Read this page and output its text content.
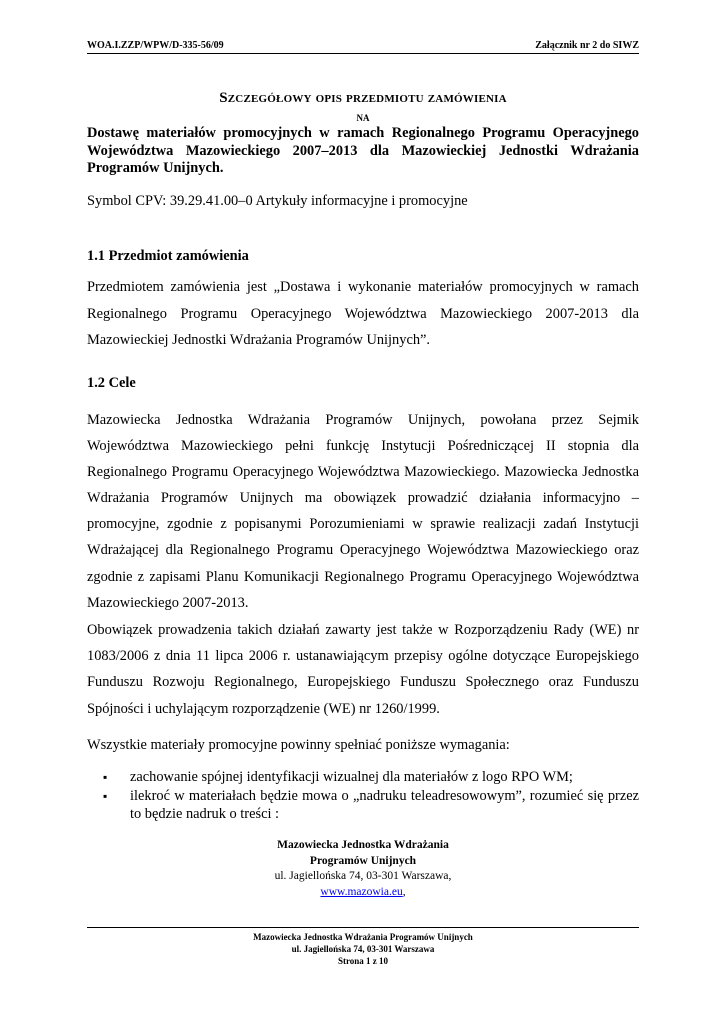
WOA.I.ZZP/WPW/D-335-56/09	Załącznik nr 2 do SIWZ
Szczegółowy opis przedmiotu zamówienia
NA
Dostawę materiałów promocyjnych w ramach Regionalnego Programu Operacyjnego Województwa Mazowieckiego 2007–2013 dla Mazowieckiej Jednostki Wdrażania Programów Unijnych.
Symbol CPV: 39.29.41.00–0 Artykuły informacyjne i promocyjne
1.1 Przedmiot zamówienia
Przedmiotem zamówienia jest „Dostawa i wykonanie materiałów promocyjnych w ramach Regionalnego Programu Operacyjnego Województwa Mazowieckiego 2007-2013 dla Mazowieckiej Jednostki Wdrażania Programów Unijnych”.
1.2 Cele
Mazowiecka Jednostka Wdrażania Programów Unijnych, powołana przez Sejmik Województwa Mazowieckiego pełni funkcję Instytucji Pośredniczącej II stopnia dla Regionalnego Programu Operacyjnego Województwa Mazowieckiego. Mazowiecka Jednostka Wdrażania Programów Unijnych ma obowiązek prowadzić działania informacyjno – promocyjne, zgodnie z popisanymi Porozumieniami w sprawie realizacji zadań Instytucji Wdrażającej dla Regionalnego Programu Operacyjnego Województwa Mazowieckiego oraz zgodnie z zapisami Planu Komunikacji Regionalnego Programu Operacyjnego Województwa Mazowieckiego 2007-2013.
Obowiązek prowadzenia takich działań zawarty jest także w Rozporządzeniu Rady (WE) nr 1083/2006 z dnia 11 lipca 2006 r. ustanawiającym przepisy ogólne dotyczące Europejskiego Funduszu Rozwoju Regionalnego, Europejskiego Funduszu Społecznego oraz Funduszu Spójności i uchylającym rozporządzenie (WE) nr 1260/1999.
Wszystkie materiały promocyjne powinny spełniać poniższe wymagania:
▪ zachowanie spójnej identyfikacji wizualnej dla materiałów z logo RPO WM;
▪ ilekroć w materiałach będzie mowa o „nadruku teleadresowowym”, rozumieć się przez to będzie nadruk o treści :
Mazowiecka Jednostka Wdrażania
Programów Unijnych
ul. Jagiellońska 74, 03-301 Warszawa,
www.mazowia.eu,
Mazowiecka Jednostka Wdrażania Programów Unijnych
ul. Jagiellońska 74, 03-301 Warszawa
Strona 1 z 10
